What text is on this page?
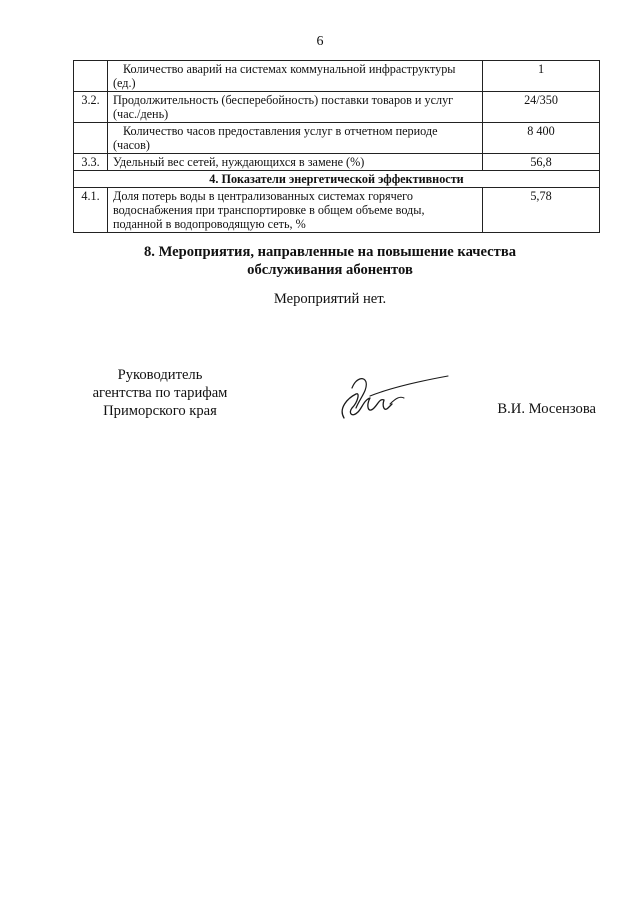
6
	Количество аварий на системах коммунальной инфраструктуры (ед.)	1
3.2.	Продолжительность (бесперебойность) поставки товаров и услуг (час./день)	24/350
	Количество часов предоставления услуг в отчетном периоде (часов)	8 400
3.3.	Удельный вес сетей, нуждающихся в замене (%)	56,8
4. Показатели энергетической эффективности		
4.1.	Доля потерь воды в централизованных системах горячего водоснабжения при транспортировке в общем объеме воды, поданной в водопроводящую сеть, %	5,78
8. Мероприятия, направленные на повышение качества
обслуживания абонентов
Мероприятий нет.
Руководитель
агентства по тарифам
Приморского края	В.И. Мосензова
